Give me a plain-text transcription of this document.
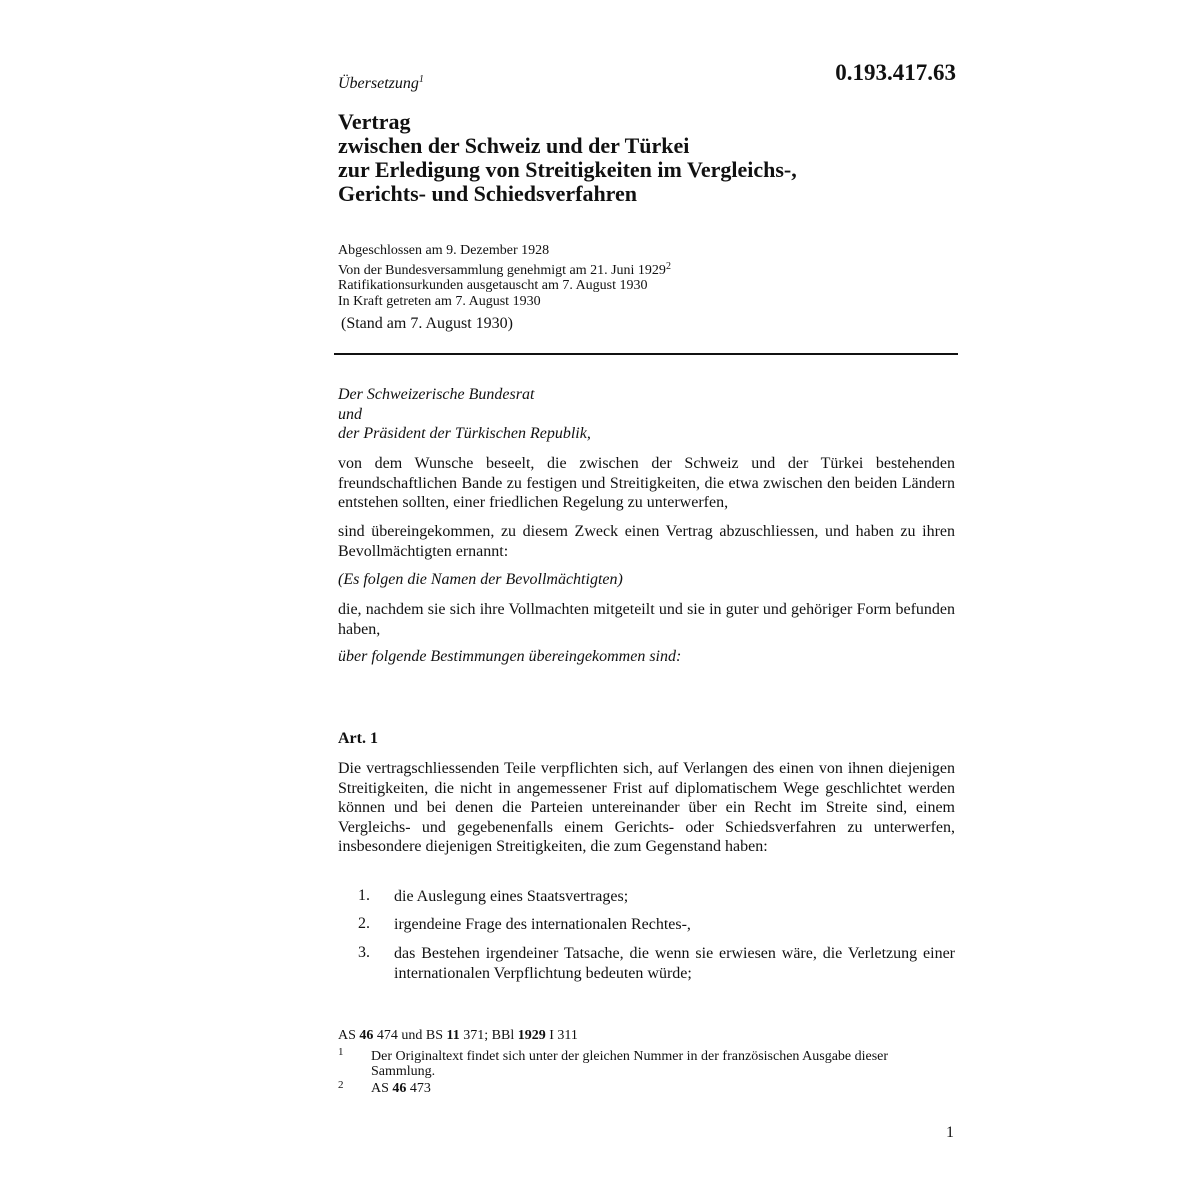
0.193.417.63
Übersetzung$^1$
Vertrag
zwischen der Schweiz und der Türkei
zur Erledigung von Streitigkeiten im Vergleichs-,
Gerichts- und Schiedsverfahren
Abgeschlossen am 9. Dezember 1928
Von der Bundesversammlung genehmigt am 21. Juni 1929$^2$
Ratifikationsurkunden ausgetauscht am 7. August 1930
In Kraft getreten am 7. August 1930
(Stand am 7. August 1930)
Der Schweizerische Bundesrat
und
der Präsident der Türkischen Republik,
von dem Wunsche beseelt, die zwischen der Schweiz und der Türkei bestehenden freundschaftlichen Bande zu festigen und Streitigkeiten, die etwa zwischen den beiden Ländern entstehen sollten, einer friedlichen Regelung zu unterwerfen,
sind übereingekommen, zu diesem Zweck einen Vertrag abzuschliessen, und haben zu ihren Bevollmächtigten ernannt:
(Es folgen die Namen der Bevollmächtigten)
die, nachdem sie sich ihre Vollmachten mitgeteilt und sie in guter und gehöriger Form befunden haben,
über folgende Bestimmungen übereingekommen sind:
Art. 1
Die vertragschliessenden Teile verpflichten sich, auf Verlangen des einen von ihnen diejenigen Streitigkeiten, die nicht in angemessener Frist auf diplomatischem Wege geschlichtet werden können und bei denen die Parteien untereinander über ein Recht im Streite sind, einem Vergleichs- und gegebenenfalls einem Gerichts- oder Schiedsverfahren zu unterwerfen, insbesondere diejenigen Streitigkeiten, die zum Gegenstand haben:
1. die Auslegung eines Staatsvertrages;
2. irgendeine Frage des internationalen Rechtes-,
3. das Bestehen irgendeiner Tatsache, die wenn sie erwiesen wäre, die Verletzung einer internationalen Verpflichtung bedeuten würde;
AS 46 474 und BS 11 371; BBl 1929 I 311
1 Der Originaltext findet sich unter der gleichen Nummer in der französischen Ausgabe dieser Sammlung.
2 AS 46 473
1
